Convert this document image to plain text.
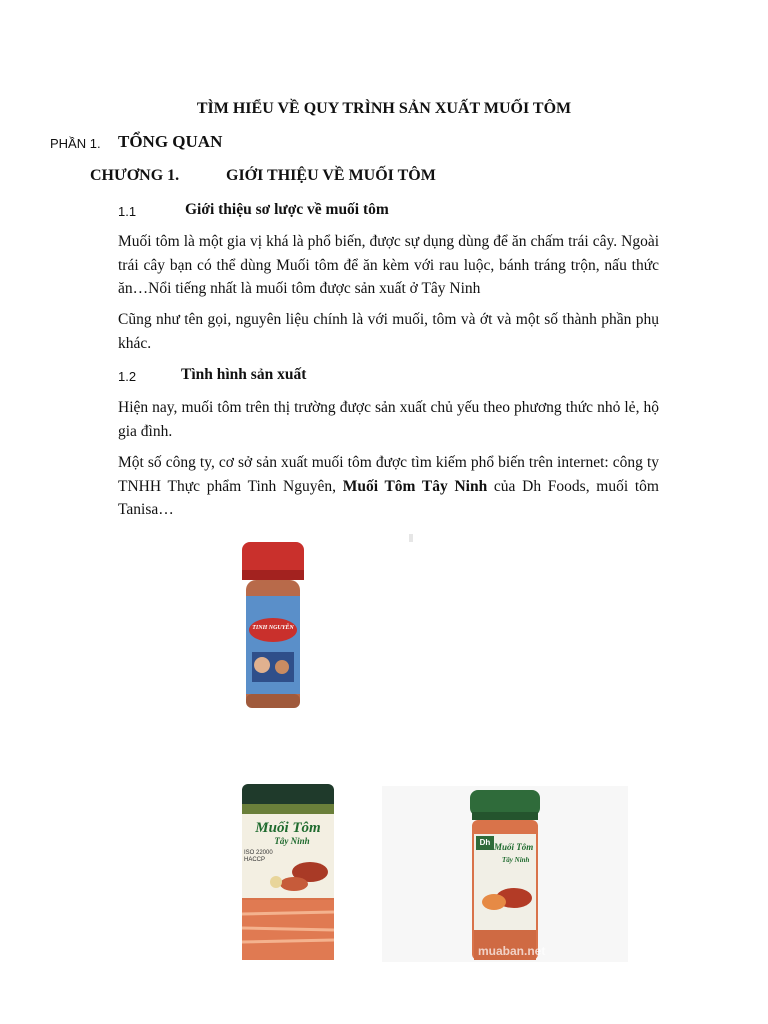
TÌM HIỂU VỀ QUY TRÌNH SẢN XUẤT MUỐI TÔM
PHẦN 1. TỔNG QUAN
CHƯƠNG 1.	GIỚI THIỆU VỀ MUỐI TÔM
1.1	Giới thiệu sơ lược về muối tôm

Muối tôm là một gia vị khá là phổ biến, được sự dụng dùng để ăn chấm trái cây. Ngoài trái cây bạn có thể dùng Muối tôm để ăn kèm với rau luộc, bánh tráng trộn, nấu thức ăn…Nổi tiếng nhất là muối tôm được sản xuất ở Tây Ninh

Cũng như tên gọi, nguyên liệu chính là với muối, tôm và ớt và một số thành phần phụ khác.

1.2	Tình hình sản xuất

Hiện nay, muối tôm trên thị trường được sản xuất chủ yếu theo phương thức nhỏ lẻ, hộ gia đình.

Một số công ty, cơ sở sản xuất muối tôm được tìm kiếm phổ biến trên internet: công ty TNHH Thực phẩm Tinh Nguyên, Muối Tôm Tây Ninh của Dh Foods, muối tôm Tanisa…

TINH NGUYÊN
Muối Tôm
Tây Ninh
ISO 22000
HACCP
Dh Muối Tôm
Tây Ninh
muaban.net
